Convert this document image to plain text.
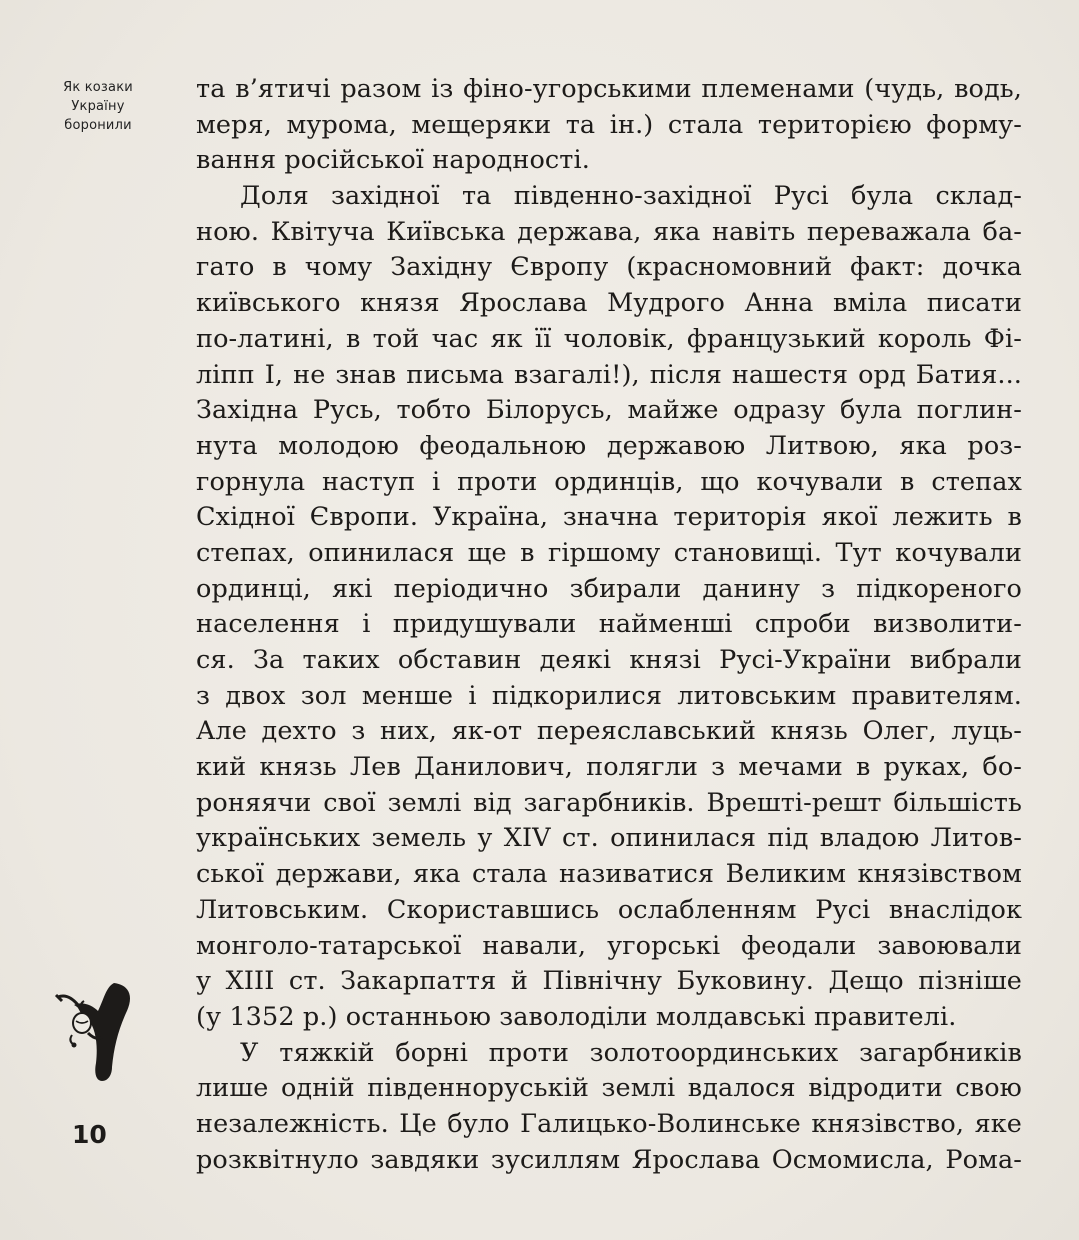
Як козаки
Україну
боронили
та в’ятичі разом із фіно-угорськими племенами (чудь, водь,
меря, мурома, мещеряки та ін.) стала територією форму-
вання російської народності.
Доля західної та південно-західної Русі була склад-
ною. Квітуча Київська держава, яка навіть переважала ба-
гато в чому Західну Європу (красномовний факт: дочка
київського князя Ярослава Мудрого Анна вміла писати
по-латині, в той час як її чоловік, французький король Фі-
ліпп І, не знав письма взагалі!), після нашестя орд Батия...
Західна Русь, тобто Білорусь, майже одразу була поглин-
нута молодою феодальною державою Литвою, яка роз-
горнула наступ і проти ординців, що кочували в степах
Східної Європи. Україна, значна територія якої лежить в
степах, опинилася ще в гіршому становищі. Тут кочували
ординці, які періодично збирали данину з підкореного
населення і придушували найменші спроби визволити-
ся. За таких обставин деякі князі Русі-України вибрали
з двох зол менше і підкорилися литовським правителям.
Але дехто з них, як-от переяславський князь Олег, луць-
кий князь Лев Данилович, полягли з мечами в руках, бо-
роняячи свої землі від загарбників. Врешті-решт більшість
українських земель у XIV ст. опинилася під владою Литов-
ської держави, яка стала називатися Великим князівством
Литовським. Скориставшись ослабленням Русі внаслідок
монголо-татарської навали, угорські феодали завоювали
у XIII ст. Закарпаття й Північну Буковину. Дещо пізніше
(у 1352 р.) останньою заволоділи молдавські правителі.
У тяжкій борні проти золотоординських загарбників
лише одній південноруській землі вдалося відродити свою
незалежність. Це було Галицько-Волинське князівство, яке
розквітнуло завдяки зусиллям Ярослава Осмомисла, Рома-
10
